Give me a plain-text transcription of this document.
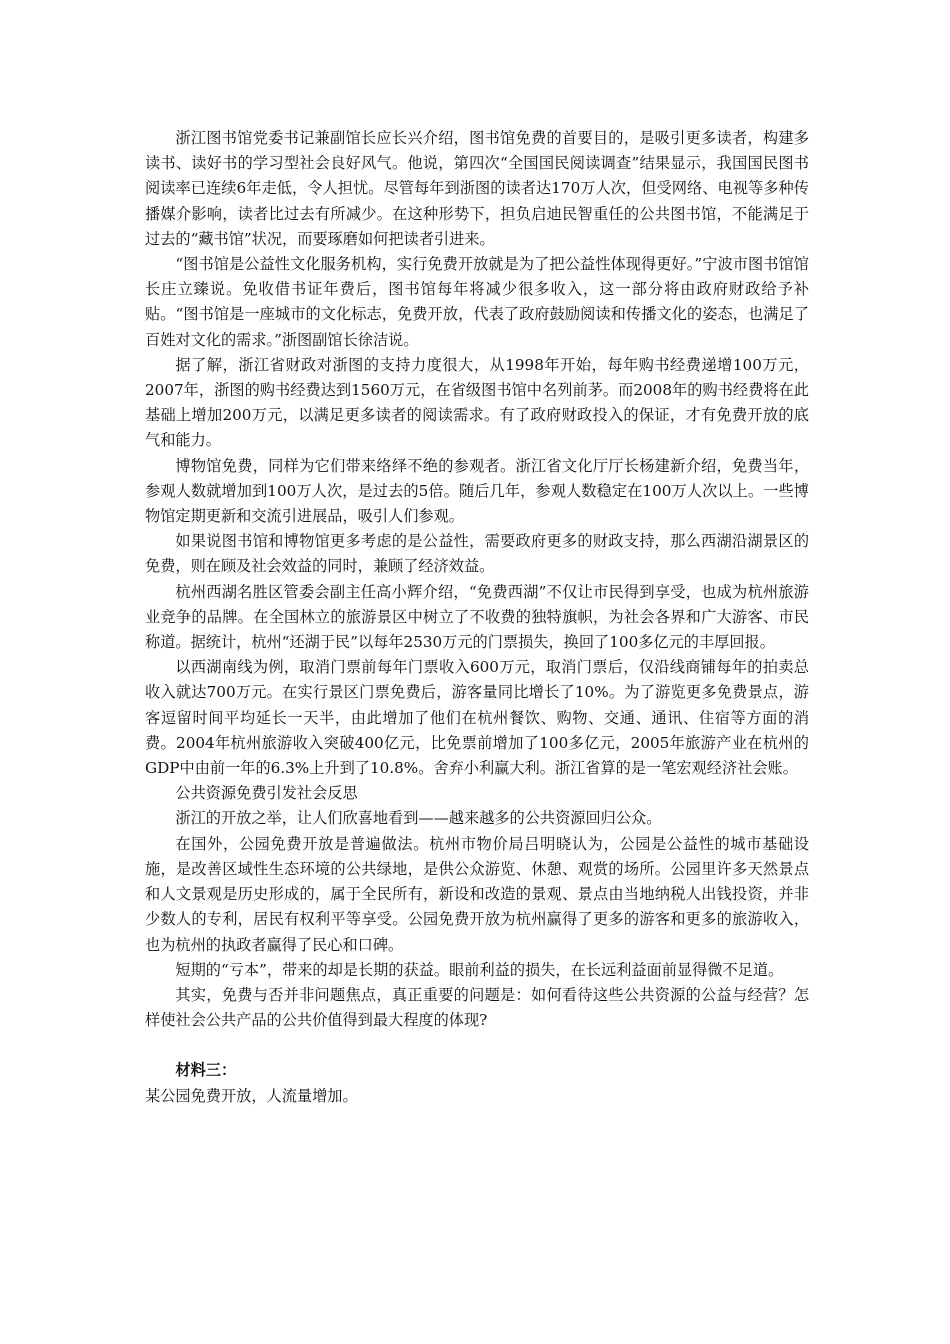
浙江图书馆党委书记兼副馆长应长兴介绍，图书馆免费的首要目的，是吸引更多读者，构建多读书、读好书的学习型社会良好风气。他说，第四次“全国国民阅读调查”结果显示，我国国民图书阅读率已连续6年走低，令人担忧。尽管每年到浙图的读者达170万人次，但受网络、电视等多种传播媒介影响，读者比过去有所减少。在这种形势下，担负启迪民智重任的公共图书馆，不能满足于过去的“藏书馆”状况，而要琢磨如何把读者引进来。

“图书馆是公益性文化服务机构，实行免费开放就是为了把公益性体现得更好。”宁波市图书馆馆长庄立臻说。免收借书证年费后，图书馆每年将减少很多收入，这一部分将由政府财政给予补贴。“图书馆是一座城市的文化标志，免费开放，代表了政府鼓励阅读和传播文化的姿态，也满足了百姓对文化的需求。”浙图副馆长徐洁说。

据了解，浙江省财政对浙图的支持力度很大，从1998年开始，每年购书经费递增100万元，2007年，浙图的购书经费达到1560万元，在省级图书馆中名列前茅。而2008年的购书经费将在此基础上增加200万元，以满足更多读者的阅读需求。有了政府财政投入的保证，才有免费开放的底气和能力。

博物馆免费，同样为它们带来络绎不绝的参观者。浙江省文化厅厅长杨建新介绍，免费当年，参观人数就增加到100万人次，是过去的5倍。随后几年，参观人数稳定在100万人次以上。一些博物馆定期更新和交流引进展品，吸引人们参观。

如果说图书馆和博物馆更多考虑的是公益性，需要政府更多的财政支持，那么西湖沿湖景区的免费，则在顾及社会效益的同时，兼顾了经济效益。

杭州西湖名胜区管委会副主任高小辉介绍，“免费西湖”不仅让市民得到享受，也成为杭州旅游业竞争的品牌。在全国林立的旅游景区中树立了不收费的独特旗帜，为社会各界和广大游客、市民称道。据统计，杭州“还湖于民”以每年2530万元的门票损失，换回了100多亿元的丰厚回报。

以西湖南线为例，取消门票前每年门票收入600万元，取消门票后，仅沿线商铺每年的拍卖总收入就达700万元。在实行景区门票免费后，游客量同比增长了10%。为了游览更多免费景点，游客逗留时间平均延长一天半，由此增加了他们在杭州餐饮、购物、交通、通讯、住宿等方面的消费。2004年杭州旅游收入突破400亿元，比免票前增加了100多亿元，2005年旅游产业在杭州的GDP中由前一年的6.3%上升到了10.8%。舍弃小利赢大利。浙江省算的是一笔宏观经济社会账。

公共资源免费引发社会反思

浙江的开放之举，让人们欣喜地看到——越来越多的公共资源回归公众。

在国外，公园免费开放是普遍做法。杭州市物价局吕明晓认为，公园是公益性的城市基础设施，是改善区域性生态环境的公共绿地，是供公众游览、休憩、观赏的场所。公园里许多天然景点和人文景观是历史形成的，属于全民所有，新设和改造的景观、景点由当地纳税人出钱投资，并非少数人的专利，居民有权利平等享受。公园免费开放为杭州赢得了更多的游客和更多的旅游收入，也为杭州的执政者赢得了民心和口碑。

短期的“亏本”，带来的却是长期的获益。眼前利益的损失，在长远利益面前显得微不足道。

其实，免费与否并非问题焦点，真正重要的问题是：如何看待这些公共资源的公益与经营？怎样使社会公共产品的公共价值得到最大程度的体现?

材料三：

某公园免费开放，人流量增加。
